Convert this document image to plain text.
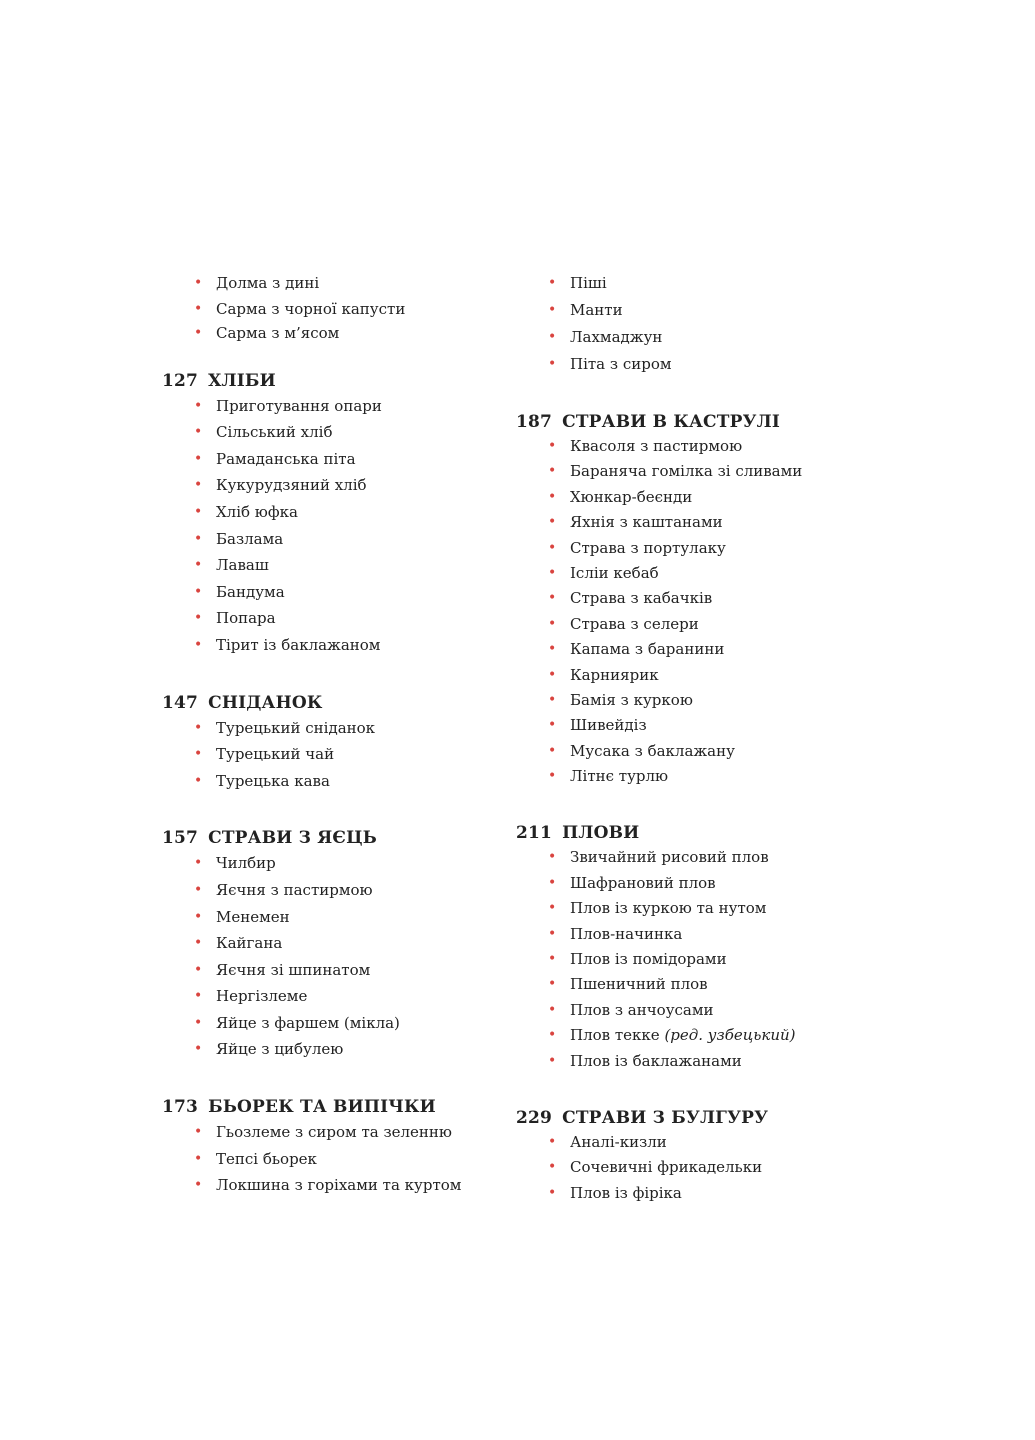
• Долма з дині
• Сарма з чорної капусти
• Сарма з м’ясом
127 ХЛІБИ
• Приготування опари
• Сільський хліб
• Рамаданська піта
• Кукурудзяний хліб
• Хліб юфка
• Базлама
• Лаваш
• Бандума
• Попара
• Тірит із баклажаном
147 СНІДАНОК
• Турецький сніданок
• Турецький чай
• Турецька кава
157 СТРАВИ З ЯЄЦЬ
• Чилбир
• Яєчня з пастирмою
• Менемен
• Кайгана
• Яєчня зі шпинатом
• Нергізлеме
• Яйце з фаршем (мікла)
• Яйце з цибулею
173 БЬОРЕК ТА ВИПІЧКИ
• Гьозлеме з сиром та зеленню
• Тепсі бьорек
• Локшина з горіхами та куртом
• Піші
• Манти
• Лахмаджун
• Піта з сиром
187 СТРАВИ В КАСТРУЛІ
• Квасоля з пастирмою
• Бараняча гомілка зі сливами
• Хюнкар-беєнди
• Яхнія з каштанами
• Страва з портулаку
• Ісліи кебаб
• Страва з кабачків
• Страва з селери
• Капама з баранини
• Карниярик
• Бамія з куркою
• Шивейдіз
• Мусака з баклажану
• Літнє турлю
211 ПЛОВИ
• Звичайний рисовий плов
• Шафрановий плов
• Плов із куркою та нутом
• Плов-начинка
• Плов із помідорами
• Пшеничний плов
• Плов з анчоусами
• Плов текке (ред. узбецький)
• Плов із баклажанами
229 СТРАВИ З БУЛГУРУ
• Аналі-кизли
• Сочевичні фрикадельки
• Плов із фіріка
